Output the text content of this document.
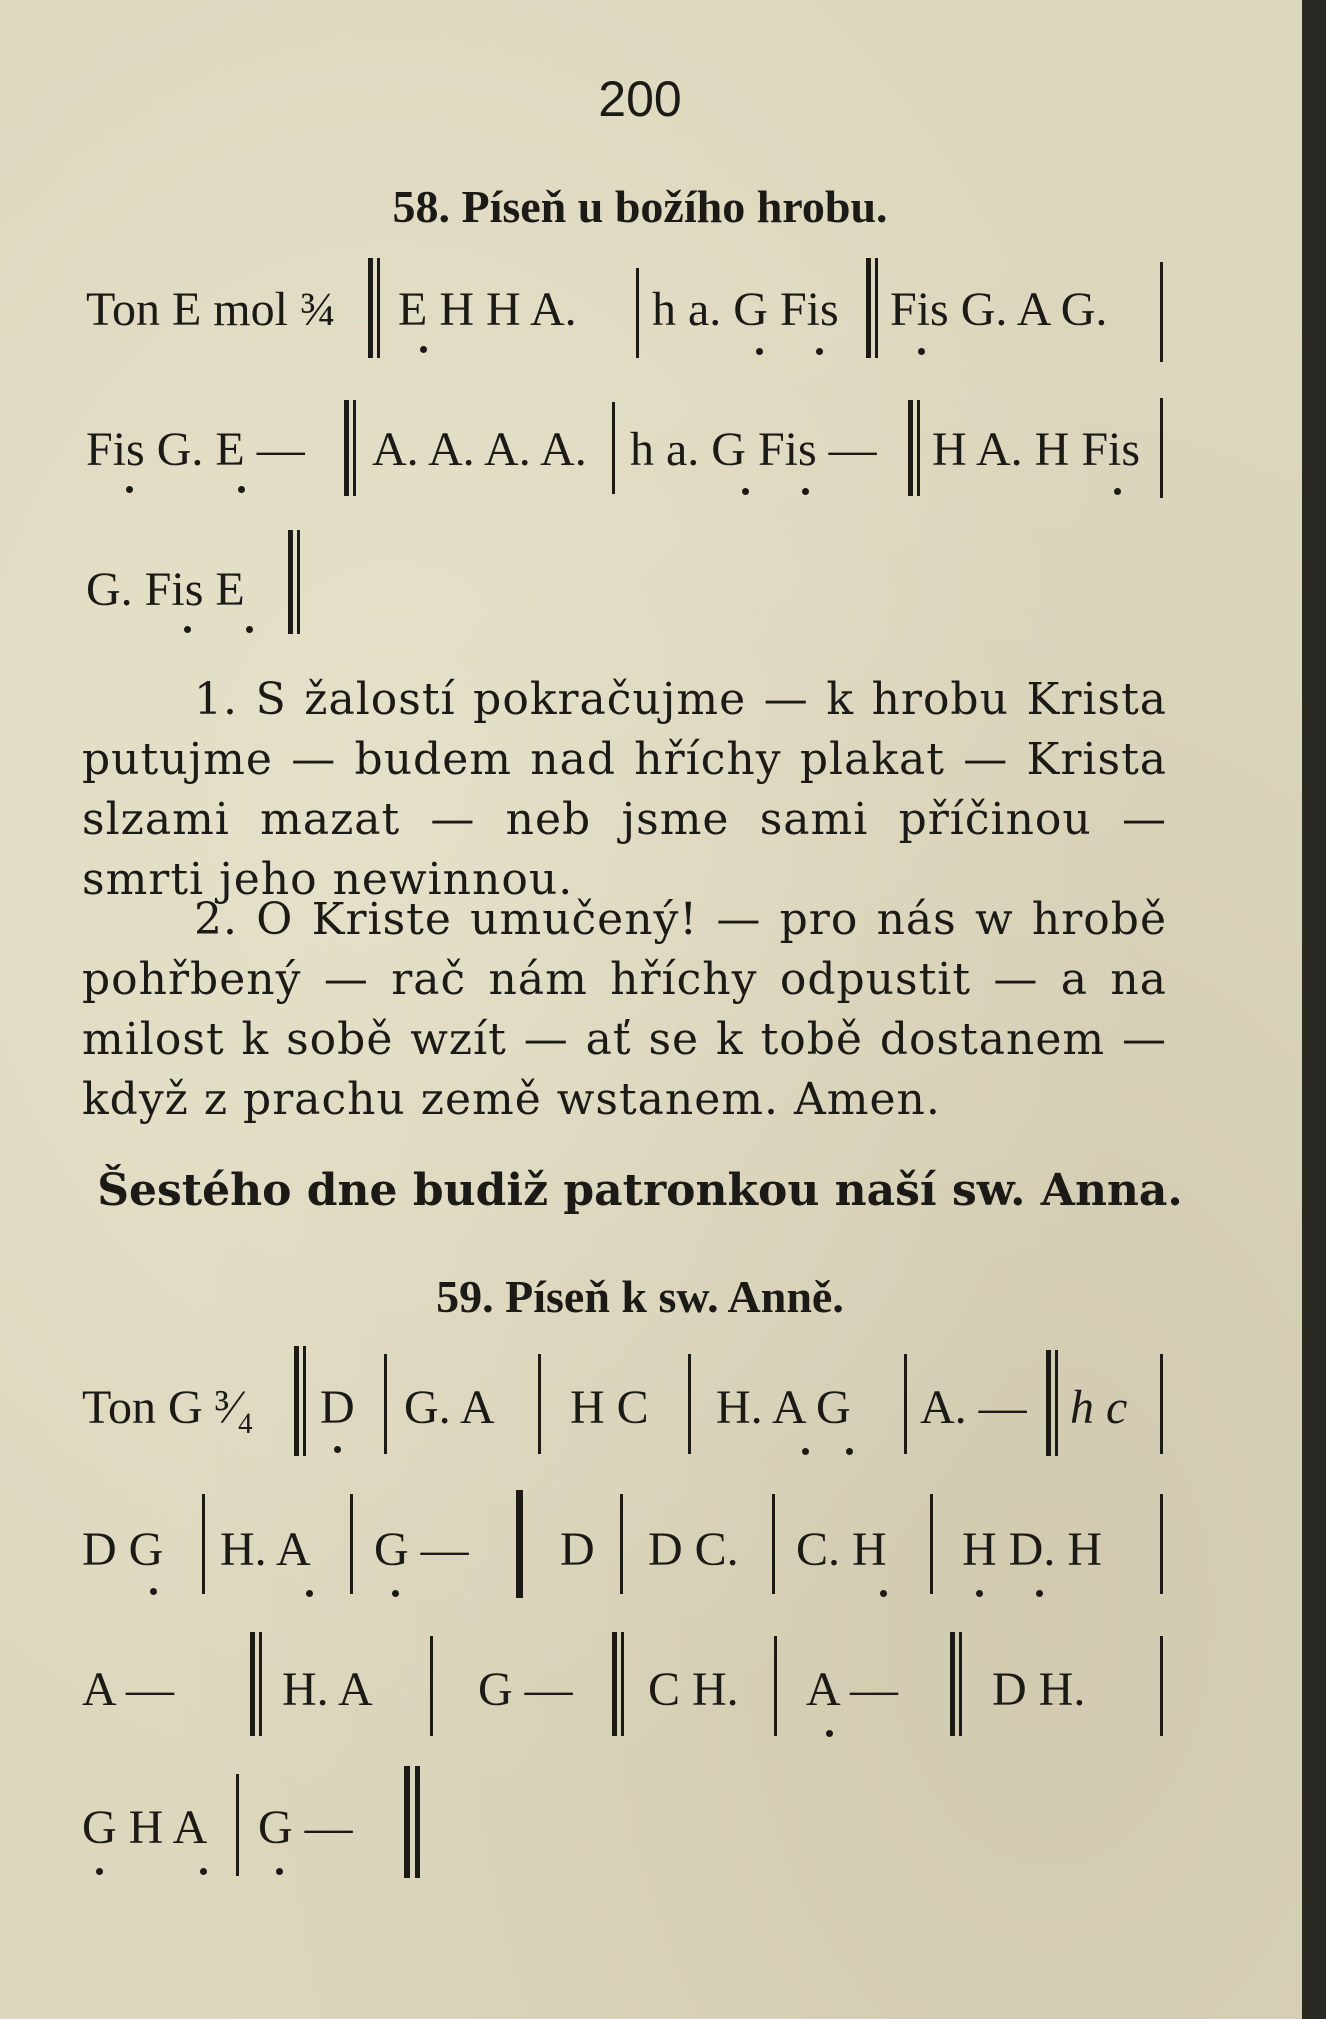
200
58. Píseň u božího hrobu.
Ton E mol ¾ E H H A. h a. G Fis Fis G. A G.
Fis G. E — A. A. A. A. h a. G Fis — H A. H Fis
G. Fis E
1. S žalostí pokračujme — k hrobu Krista putujme — budem nad hříchy plakat — Krista slzami mazat — neb jsme sami příčinou — smrti jeho newinnou.
2. O Kriste umučený! — pro nás w hrobě pohřbený — rač nám hříchy odpustit — a na milost k sobě wzít — ať se k tobě dostanem — když z prachu země wstanem. Amen.
Šestého dne budiž patronkou naší sw. Anna.
59. Píseň k sw. Anně.
Ton G ³⁄₄ D G. A H C H. A G A. — h c
D G H. A G — D D C. C. H H D. H
A — H. A G — C H. A — D H.
G H A G —
